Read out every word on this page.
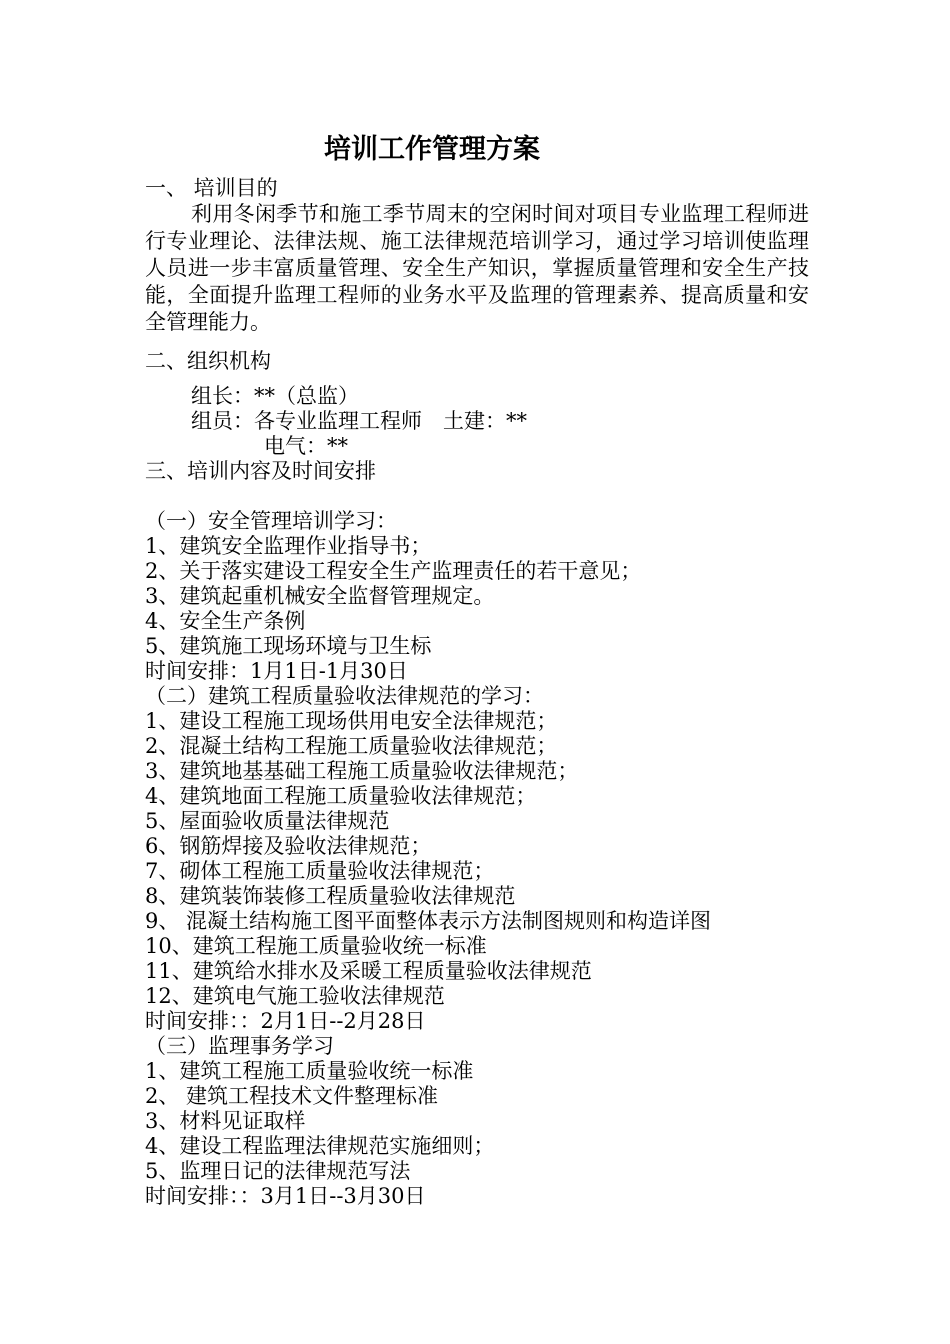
培训工作管理方案
一、 培训目的
利用冬闲季节和施工季节周末的空闲时间对项目专业监理工程师进行专业理论、法律法规、施工法律规范培训学习，通过学习培训使监理人员进一步丰富质量管理、安全生产知识，掌握质量管理和安全生产技能，全面提升监理工程师的业务水平及监理的管理素养、提高质量和安全管理能力。
二、组织机构
组长：**（总监）
组员：各专业监理工程师　土建：**
电气：**
三、培训内容及时间安排
（一）安全管理培训学习：
1、建筑安全监理作业指导书；
2、关于落实建设工程安全生产监理责任的若干意见；
3、建筑起重机械安全监督管理规定。
4、安全生产条例
5、建筑施工现场环境与卫生标
时间安排：1月1日-1月30日
（二）建筑工程质量验收法律规范的学习：
1、建设工程施工现场供用电安全法律规范；
2、混凝土结构工程施工质量验收法律规范；
3、建筑地基基础工程施工质量验收法律规范；
4、建筑地面工程施工质量验收法律规范；
5、屋面验收质量法律规范
6、钢筋焊接及验收法律规范；
7、砌体工程施工质量验收法律规范；
8、建筑装饰装修工程质量验收法律规范
9、 混凝土结构施工图平面整体表示方法制图规则和构造详图
10、建筑工程施工质量验收统一标准
11、建筑给水排水及采暖工程质量验收法律规范
12、建筑电气施工验收法律规范
时间安排：：2月1日--2月28日
（三）监理事务学习
1、建筑工程施工质量验收统一标准
2、 建筑工程技术文件整理标准
3、材料见证取样
4、建设工程监理法律规范实施细则；
5、监理日记的法律规范写法
时间安排：：3月1日--3月30日
